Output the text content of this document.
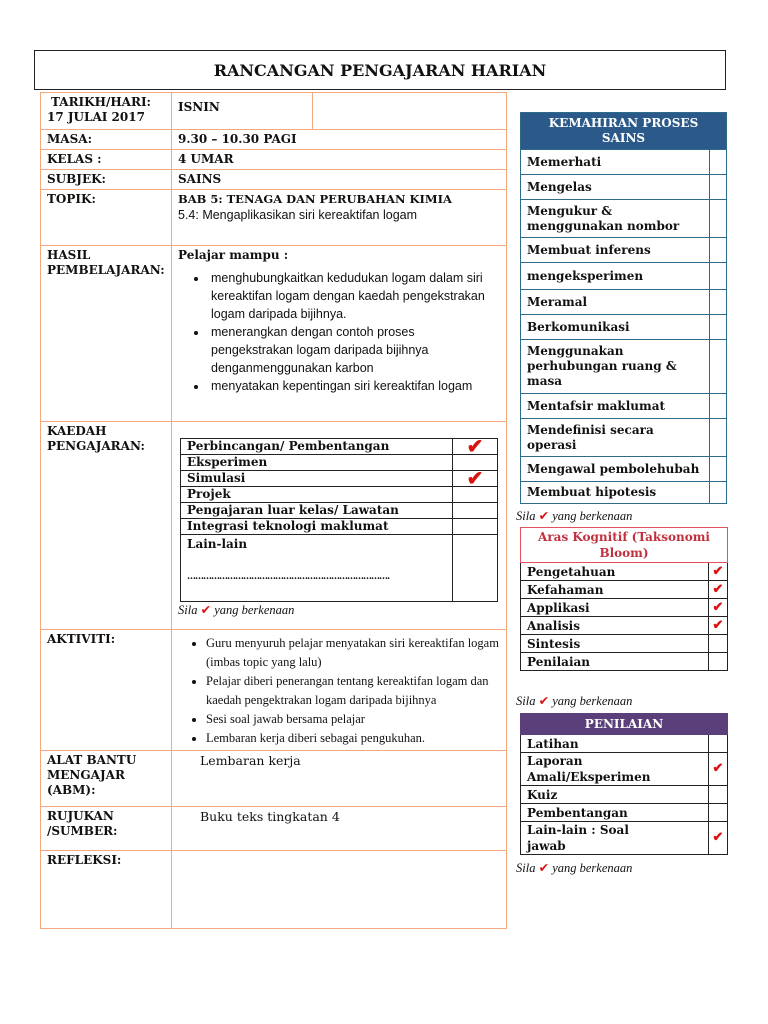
RANCANGAN PENGAJARAN HARIAN
TARIKH/HARI:
17 JULAI 2017

ISNIN

MASA:	9.30 – 10.30 PAGI
KELAS :	4 UMAR
SUBJEK:	SAINS
TOPIK:	BAB 5: TENAGA DAN PERUBAHAN KIMIA
5.4: Mengaplikasikan siri kereaktifan logam

HASIL PEMBELAJARAN:	
Pelajar mampu :
• menghubungkaitkan kedudukan logam dalam siri kereaktifan logam dengan kaedah pengekstrakan logam daripada bijihnya.
• menerangkan dengan contoh proses pengekstrakan logam daripada bijihnya denganmenggunakan karbon
• menyatakan kepentingan siri kereaktifan logam

KAEDAH PENGAJARAN:		Perbincangan/ Pembentangan	✔
Eksperimen	
Simulasi	✔
Projek	
Pengajaran luar kelas/ Lawatan	
Integrasi teknologi maklumat	

Lain-lain
………………………………………………………………….

Sila ✔ yang berkenaan

AKTIVITI:	
•Guru menyuruh pelajar menyatakan siri kereaktifan logam (imbas topic yang lalu)
• Pelajar diberi penerangan tentang kereaktifan logam dan kaedah pengektrakan logam daripada bijihnya
• Sesi soal jawab bersama pelajar
• Lembaran kerja diberi sebagai pengukuhan.

ALAT BANTU MENGAJAR (ABM):	Lembaran kerja
RUJUKAN /SUMBER:	Buku teks tingkatan 4
REFLEKSI:	
KEMAHIRAN PROSES SAINS	
Memerhati	
Mengelas	
Mengukur & menggunakan nombor	
Membuat inferens	
mengeksperimen	
Meramal	
Berkomunikasi	
Menggunakan perhubungan ruang & masa	
Mentafsir maklumat	
Mendefinisi secara operasi	
Mengawal pembolehubah	
Membuat hipotesis	
Sila ✔ yang berkenaan
Aras Kognitif (Taksonomi Bloom)	
Pengetahuan	✔
Kefahaman	✔
Applikasi	✔
Analisis	✔
Sintesis	
Penilaian	
Sila ✔ yang berkenaan
PENILAIAN	
Latihan	
Laporan Amali/Eksperimen	✔
Kuiz	
Pembentangan	
Lain-lain : Soal jawab	✔
Sila ✔ yang berkenaan
